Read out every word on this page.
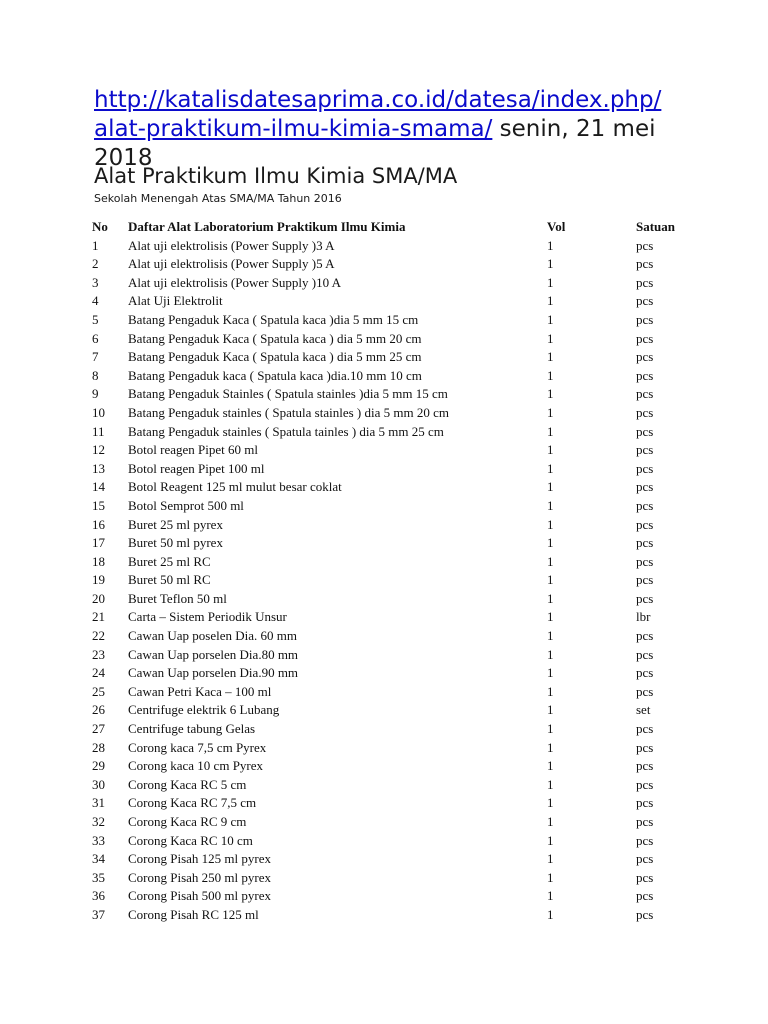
http://katalisdatesaprima.co.id/datesa/index.php/
alat-praktikum-ilmu-kimia-smama/ senin, 21 mei 2018
Alat Praktikum Ilmu Kimia SMA/MA
Sekolah Menengah Atas SMA/MA Tahun 2016
No	Daftar Alat Laboratorium Praktikum Ilmu Kimia	Vol	Satuan
1	Alat uji elektrolisis (Power Supply )3 A	1	pcs
2	Alat uji elektrolisis (Power Supply )5 A	1	pcs
3	Alat uji elektrolisis (Power Supply )10 A	1	pcs
4	Alat Uji Elektrolit	1	pcs
5	Batang Pengaduk Kaca ( Spatula kaca )dia 5 mm 15 cm	1	pcs
6	Batang Pengaduk Kaca ( Spatula kaca ) dia 5 mm 20 cm	1	pcs
7	Batang Pengaduk Kaca ( Spatula kaca ) dia 5 mm 25 cm	1	pcs
8	Batang Pengaduk kaca ( Spatula kaca )dia.10 mm 10 cm	1	pcs
9	Batang Pengaduk Stainles ( Spatula stainles )dia 5 mm 15 cm	1	pcs
10	Batang Pengaduk stainles ( Spatula stainles ) dia 5 mm 20 cm	1	pcs
11	Batang Pengaduk stainles ( Spatula tainles ) dia 5 mm 25 cm	1	pcs
12	Botol reagen Pipet 60 ml	1	pcs
13	Botol reagen Pipet 100 ml	1	pcs
14	Botol Reagent 125 ml mulut besar coklat	1	pcs
15	Botol Semprot 500 ml	1	pcs
16	Buret 25 ml pyrex	1	pcs
17	Buret 50 ml pyrex	1	pcs
18	Buret 25 ml RC	1	pcs
19	Buret 50 ml RC	1	pcs
20	Buret Teflon 50 ml	1	pcs
21	Carta – Sistem Periodik Unsur	1	lbr
22	Cawan Uap poselen Dia. 60 mm	1	pcs
23	Cawan Uap porselen Dia.80 mm	1	pcs
24	Cawan Uap porselen Dia.90 mm	1	pcs
25	Cawan Petri Kaca – 100 ml	1	pcs
26	Centrifuge elektrik 6 Lubang	1	set
27	Centrifuge tabung Gelas	1	pcs
28	Corong kaca 7,5 cm Pyrex	1	pcs
29	Corong kaca 10 cm Pyrex	1	pcs
30	Corong Kaca RC 5 cm	1	pcs
31	Corong Kaca RC 7,5 cm	1	pcs
32	Corong Kaca RC 9 cm	1	pcs
33	Corong Kaca RC 10 cm	1	pcs
34	Corong Pisah 125 ml pyrex	1	pcs
35	Corong Pisah 250 ml pyrex	1	pcs
36	Corong Pisah 500 ml pyrex	1	pcs
37	Corong Pisah RC 125 ml	1	pcs
